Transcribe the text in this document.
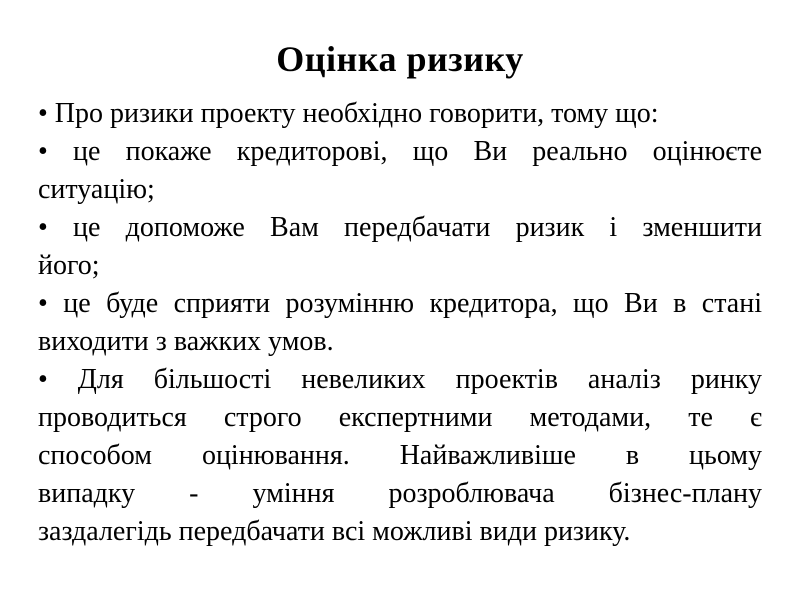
Оцінка ризику

• Про ризики проекту необхідно говорити, тому що:

• це покаже кредиторові, що Ви реально оцінюєте
ситуацію;

• це допоможе Вам передбачати ризик і зменшити
його;

• це буде сприяти розумінню кредитора, що Ви в стані
виходити з важких умов.

• Для більшості невеликих проектів аналіз ринку
проводиться строго експертними методами, те є
способом оцінювання. Найважливіше в цьому
випадку - уміння розроблювача бізнес-плану
заздалегідь передбачати всі можливі види ризику.
